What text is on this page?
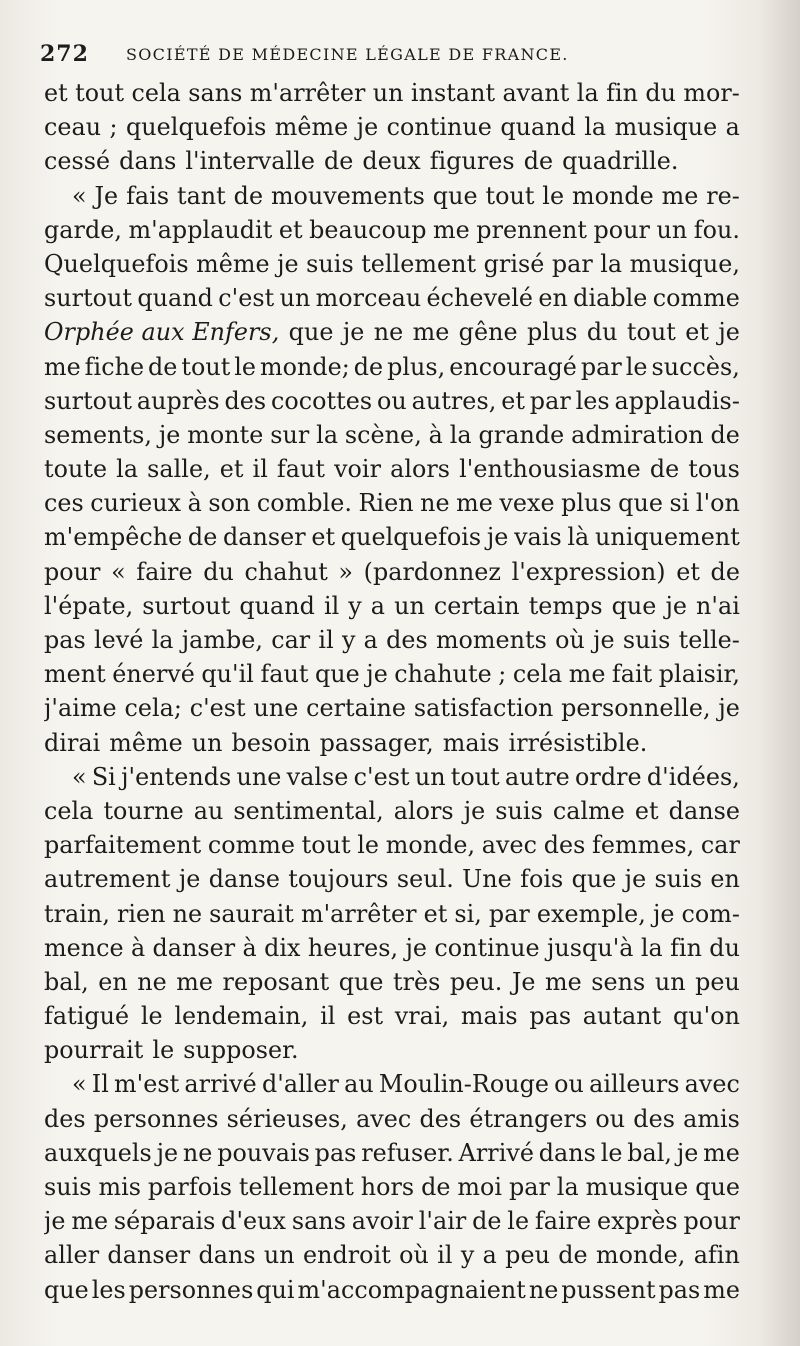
272	SOCIÉTÉ DE MÉDECINE LÉGALE DE FRANCE.
et tout cela sans m'arrêter un instant avant la fin du mor-
ceau ; quelquefois même je continue quand la musique a
cessé dans l'intervalle de deux figures de quadrille.
« Je fais tant de mouvements que tout le monde me re-
garde, m'applaudit et beaucoup me prennent pour un fou.
Quelquefois même je suis tellement grisé par la musique,
surtout quand c'est un morceau échevelé en diable comme
Orphée aux Enfers, que je ne me gêne plus du tout et je
me fiche de tout le monde; de plus, encouragé par le succès,
surtout auprès des cocottes ou autres, et par les applaudis-
sements, je monte sur la scène, à la grande admiration de
toute la salle, et il faut voir alors l'enthousiasme de tous
ces curieux à son comble. Rien ne me vexe plus que si l'on
m'empêche de danser et quelquefois je vais là uniquement
pour « faire du chahut » (pardonnez l'expression) et de
l'épate, surtout quand il y a un certain temps que je n'ai
pas levé la jambe, car il y a des moments où je suis telle-
ment énervé qu'il faut que je chahute ; cela me fait plaisir,
j'aime cela; c'est une certaine satisfaction personnelle, je
dirai même un besoin passager, mais irrésistible.
« Si j'entends une valse c'est un tout autre ordre d'idées,
cela tourne au sentimental, alors je suis calme et danse
parfaitement comme tout le monde, avec des femmes, car
autrement je danse toujours seul. Une fois que je suis en
train, rien ne saurait m'arrêter et si, par exemple, je com-
mence à danser à dix heures, je continue jusqu'à la fin du
bal, en ne me reposant que très peu. Je me sens un peu
fatigué le lendemain, il est vrai, mais pas autant qu'on
pourrait le supposer.
« Il m'est arrivé d'aller au Moulin-Rouge ou ailleurs avec
des personnes sérieuses, avec des étrangers ou des amis
auxquels je ne pouvais pas refuser. Arrivé dans le bal, je me
suis mis parfois tellement hors de moi par la musique que
je me séparais d'eux sans avoir l'air de le faire exprès pour
aller danser dans un endroit où il y a peu de monde, afin
que les personnes qui m'accompagnaient ne pussent pas me
